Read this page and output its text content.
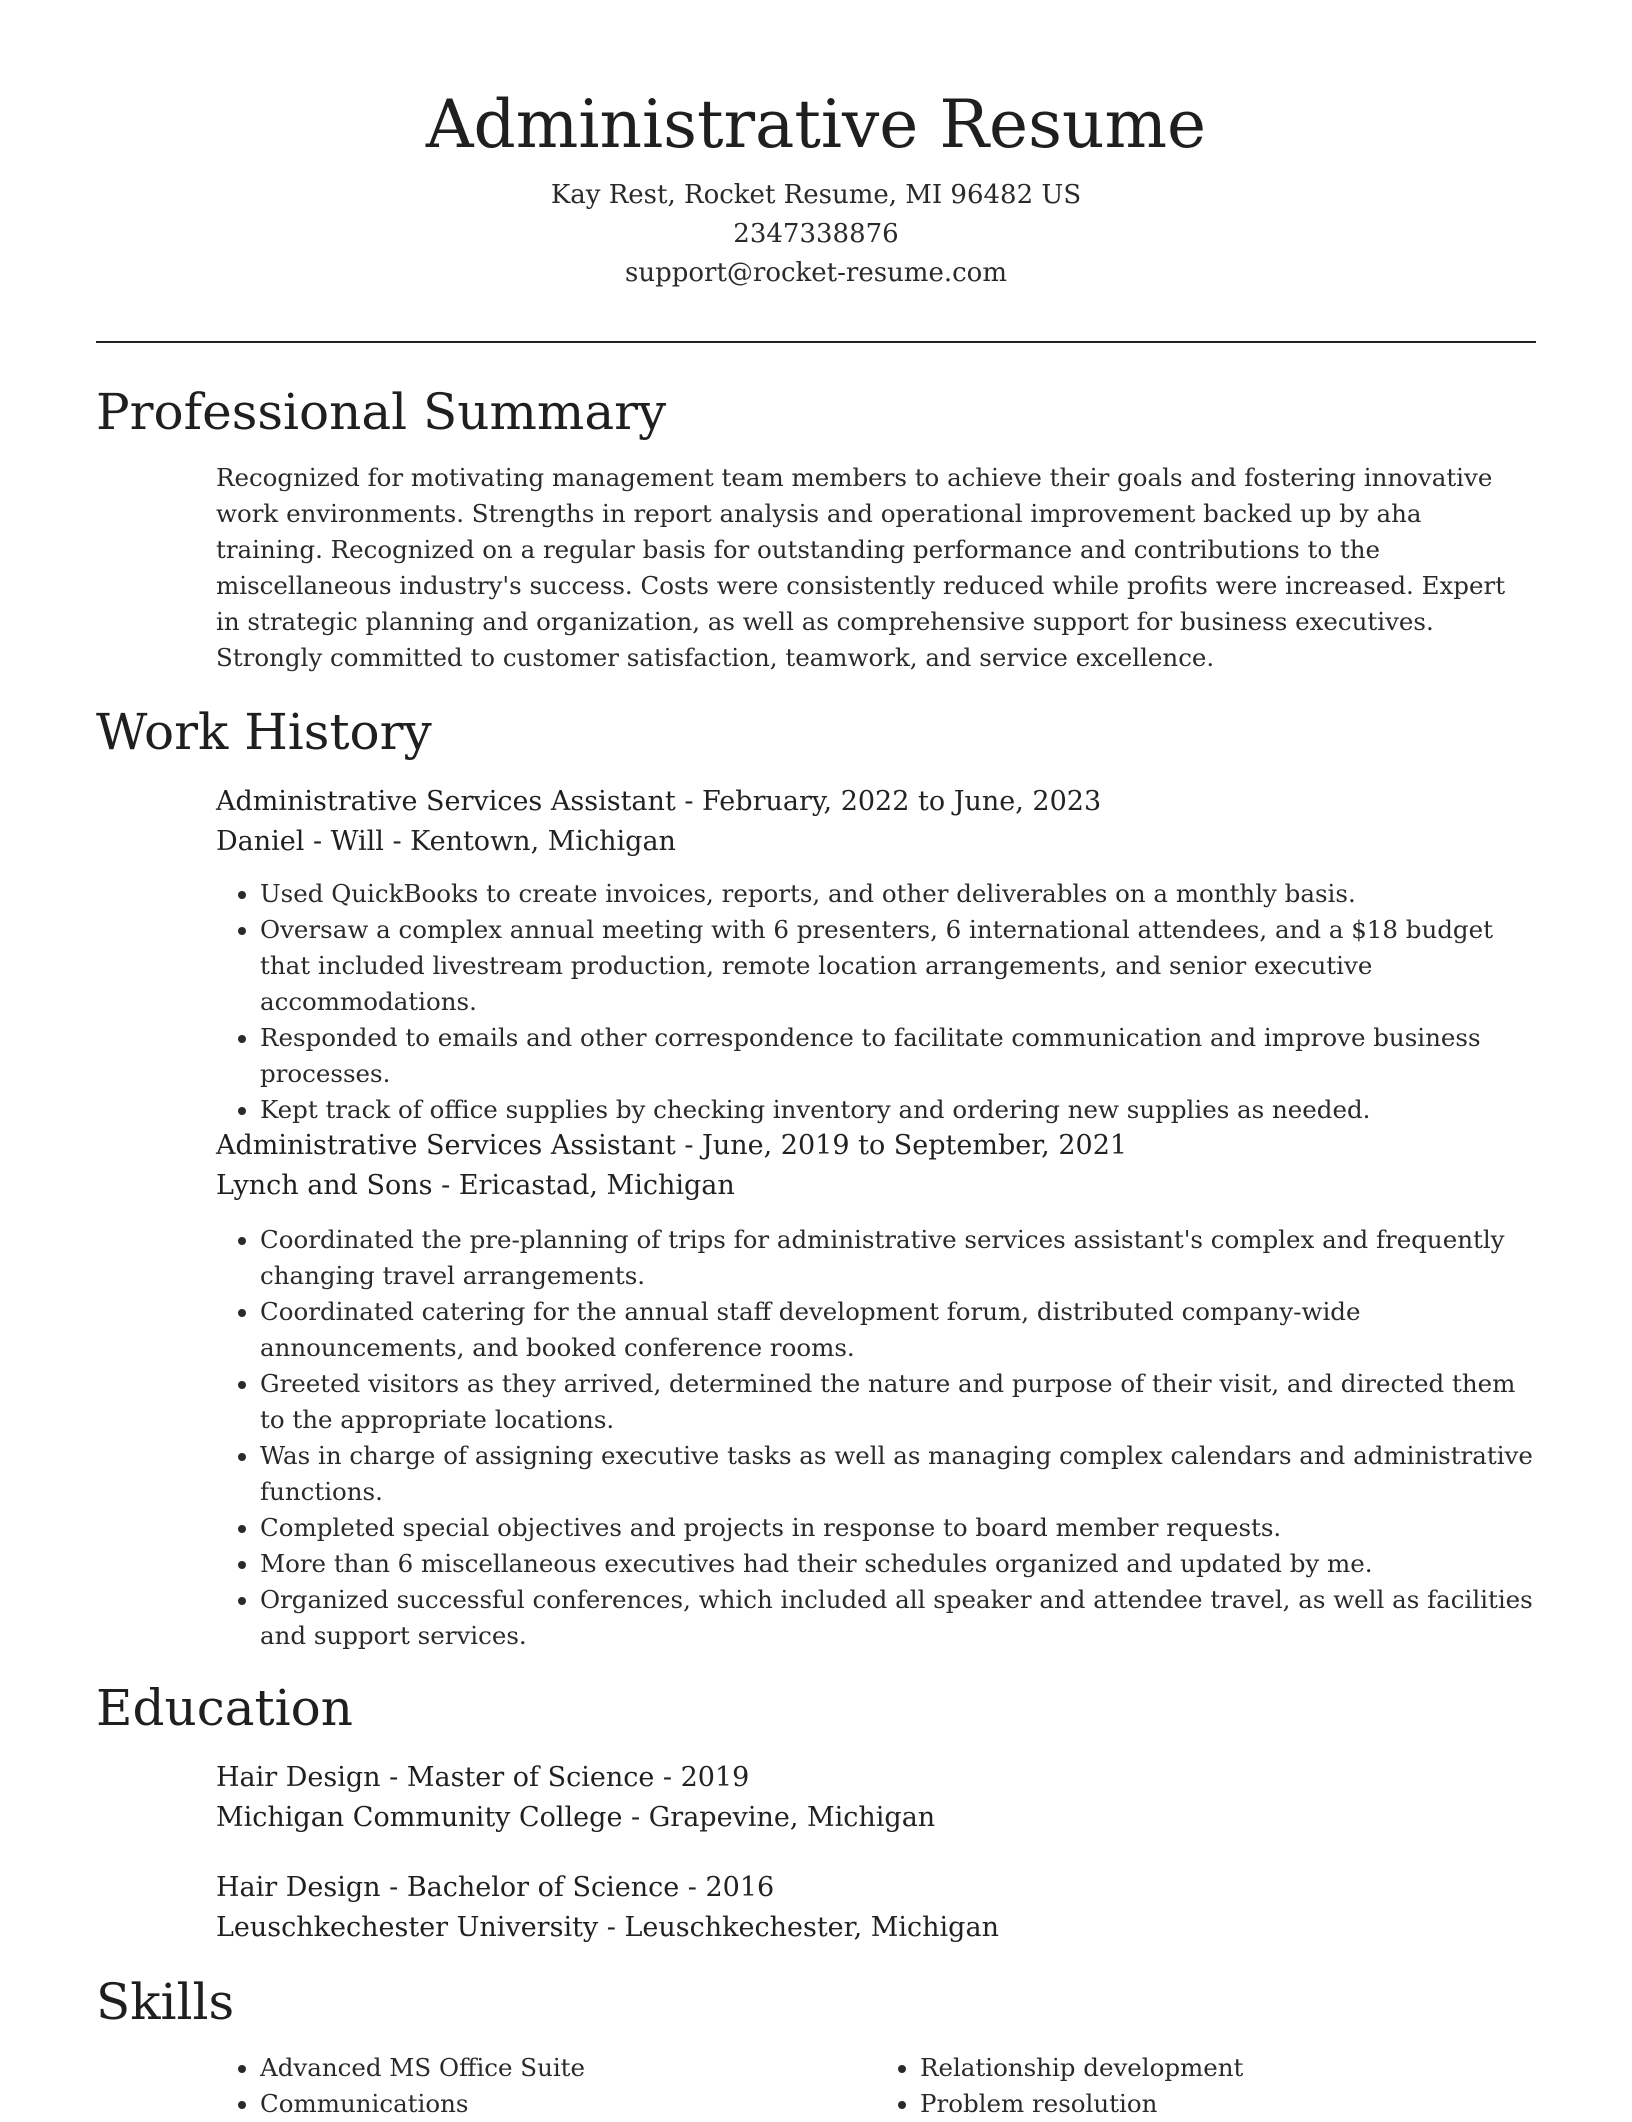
Administrative Resume
Kay Rest, Rocket Resume, MI 96482 US
2347338876
support@rocket-resume.com
Professional Summary

Recognized for motivating management team members to achieve their goals and fostering innovative work environments. Strengths in report analysis and operational improvement backed up by aha training. Recognized on a regular basis for outstanding performance and contributions to the miscellaneous industry's success. Costs were consistently reduced while profits were increased. Expert in strategic planning and organization, as well as comprehensive support for business executives. Strongly committed to customer satisfaction, teamwork, and service excellence.

Work History
Administrative Services Assistant - February, 2022 to June, 2023
Daniel - Will - Kentown, Michigan
• Used QuickBooks to create invoices, reports, and other deliverables on a monthly basis.
• Oversaw a complex annual meeting with 6 presenters, 6 international attendees, and a $18 budget that included livestream production, remote location arrangements, and senior executive accommodations.
• Responded to emails and other correspondence to facilitate communication and improve business processes.
• Kept track of office supplies by checking inventory and ordering new supplies as needed.
Administrative Services Assistant - June, 2019 to September, 2021
Lynch and Sons - Ericastad, Michigan
• Coordinated the pre-planning of trips for administrative services assistant's complex and frequently changing travel arrangements.
• Coordinated catering for the annual staff development forum, distributed company-wide announcements, and booked conference rooms.
• Greeted visitors as they arrived, determined the nature and purpose of their visit, and directed them to the appropriate locations.
• Was in charge of assigning executive tasks as well as managing complex calendars and administrative functions.
• Completed special objectives and projects in response to board member requests.
• More than 6 miscellaneous executives had their schedules organized and updated by me.
• Organized successful conferences, which included all speaker and attendee travel, as well as facilities and support services.
Education
Hair Design - Master of Science - 2019
Michigan Community College - Grapevine, Michigan
Hair Design - Bachelor of Science - 2016
Leuschkechester University - Leuschkechester, Michigan
Skills
• Advanced MS Office Suite
• Communications
• Relationship development
• Problem resolution
